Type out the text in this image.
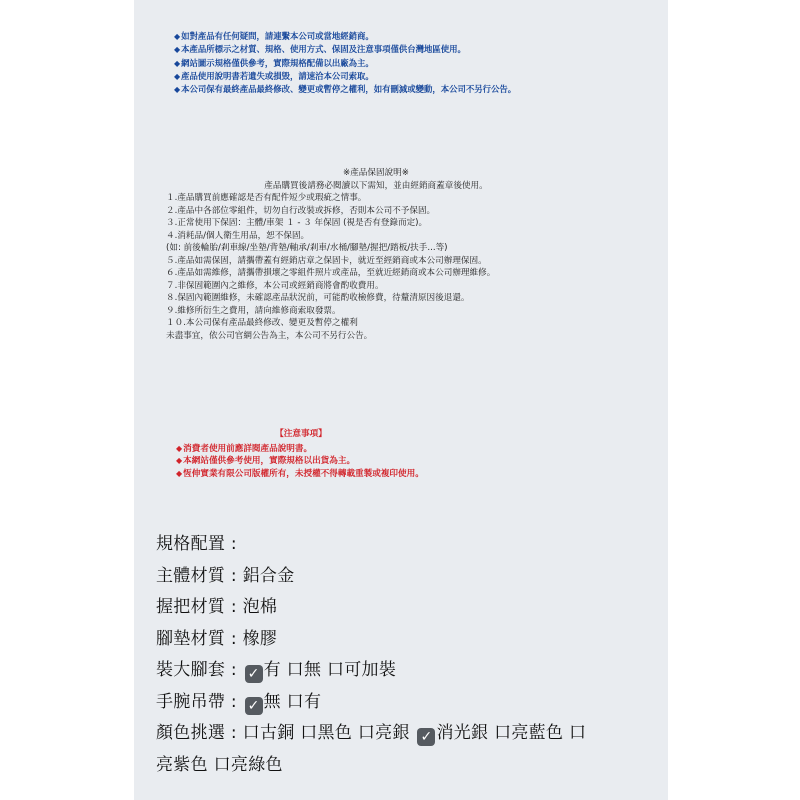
◆如對產品有任何疑問，請連繫本公司或當地經銷商。

◆本產品所標示之材質、規格、使用方式、保固及注意事項僅供台灣地區使用。

◆網站圖示規格僅供參考，實際規格配備以出廠為主。

◆產品使用說明書若遺失或損毀，請速洽本公司索取。

◆本公司保有最終產品最終修改、變更或暫停之權利，如有刪減或變動，本公司不另行公告。

※產品保固說明※

產品購買後請務必閱讀以下需知，並由經銷商蓋章後使用。

１.產品購買前應確認是否有配件短少或瑕疵之情事。

２.產品中各部位零組件，切勿自行改裝或拆修，否則本公司不予保固。

３.正常使用下保固：主體/車架 １ - ３ 年保固 (視是否有登錄而定)。

４.消耗品/個人衛生用品，恕不保固。

(如: 前後輪胎/剎車線/坐墊/背墊/軸承/剎車/水桶/腳墊/握把/踏板/扶手...等)

５.產品如需保固，請攜帶蓋有經銷店章之保固卡，就近至經銷商或本公司辦理保固。

６.產品如需維修，請攜帶損壞之零組件照片或產品，至就近經銷商或本公司辦理維修。

７.非保固範圍內之維修，本公司或經銷商將會酌收費用。

８.保固內範圍維修，未確認產品狀況前，可能酌收檢修費，待釐清原因後退還。

９.維修所衍生之費用，請向維修商索取發票。

１０.本公司保有產品最終修改、變更及暫停之權利

未盡事宜，依公司官網公告為主，本公司不另行公告。

【注意事項】

◆消費者使用前應詳閱產品說明書。

◆本網站僅供參考使用，實際規格以出貨為主。

◆恆伸實業有限公司版權所有，未授權不得轉載重製或複印使用。

規格配置 :

主體材質 : 鋁合金

握把材質 : 泡棉

腳墊材質 : 橡膠

裝大腳套 : ✓ 有 口無 口可加裝

手腕吊帶 : ✓ 無 口有

顏色挑選 : 口古銅 口黑色 口亮銀 ✓ 消光銀 口亮藍色 口

亮紫色 口亮綠色
